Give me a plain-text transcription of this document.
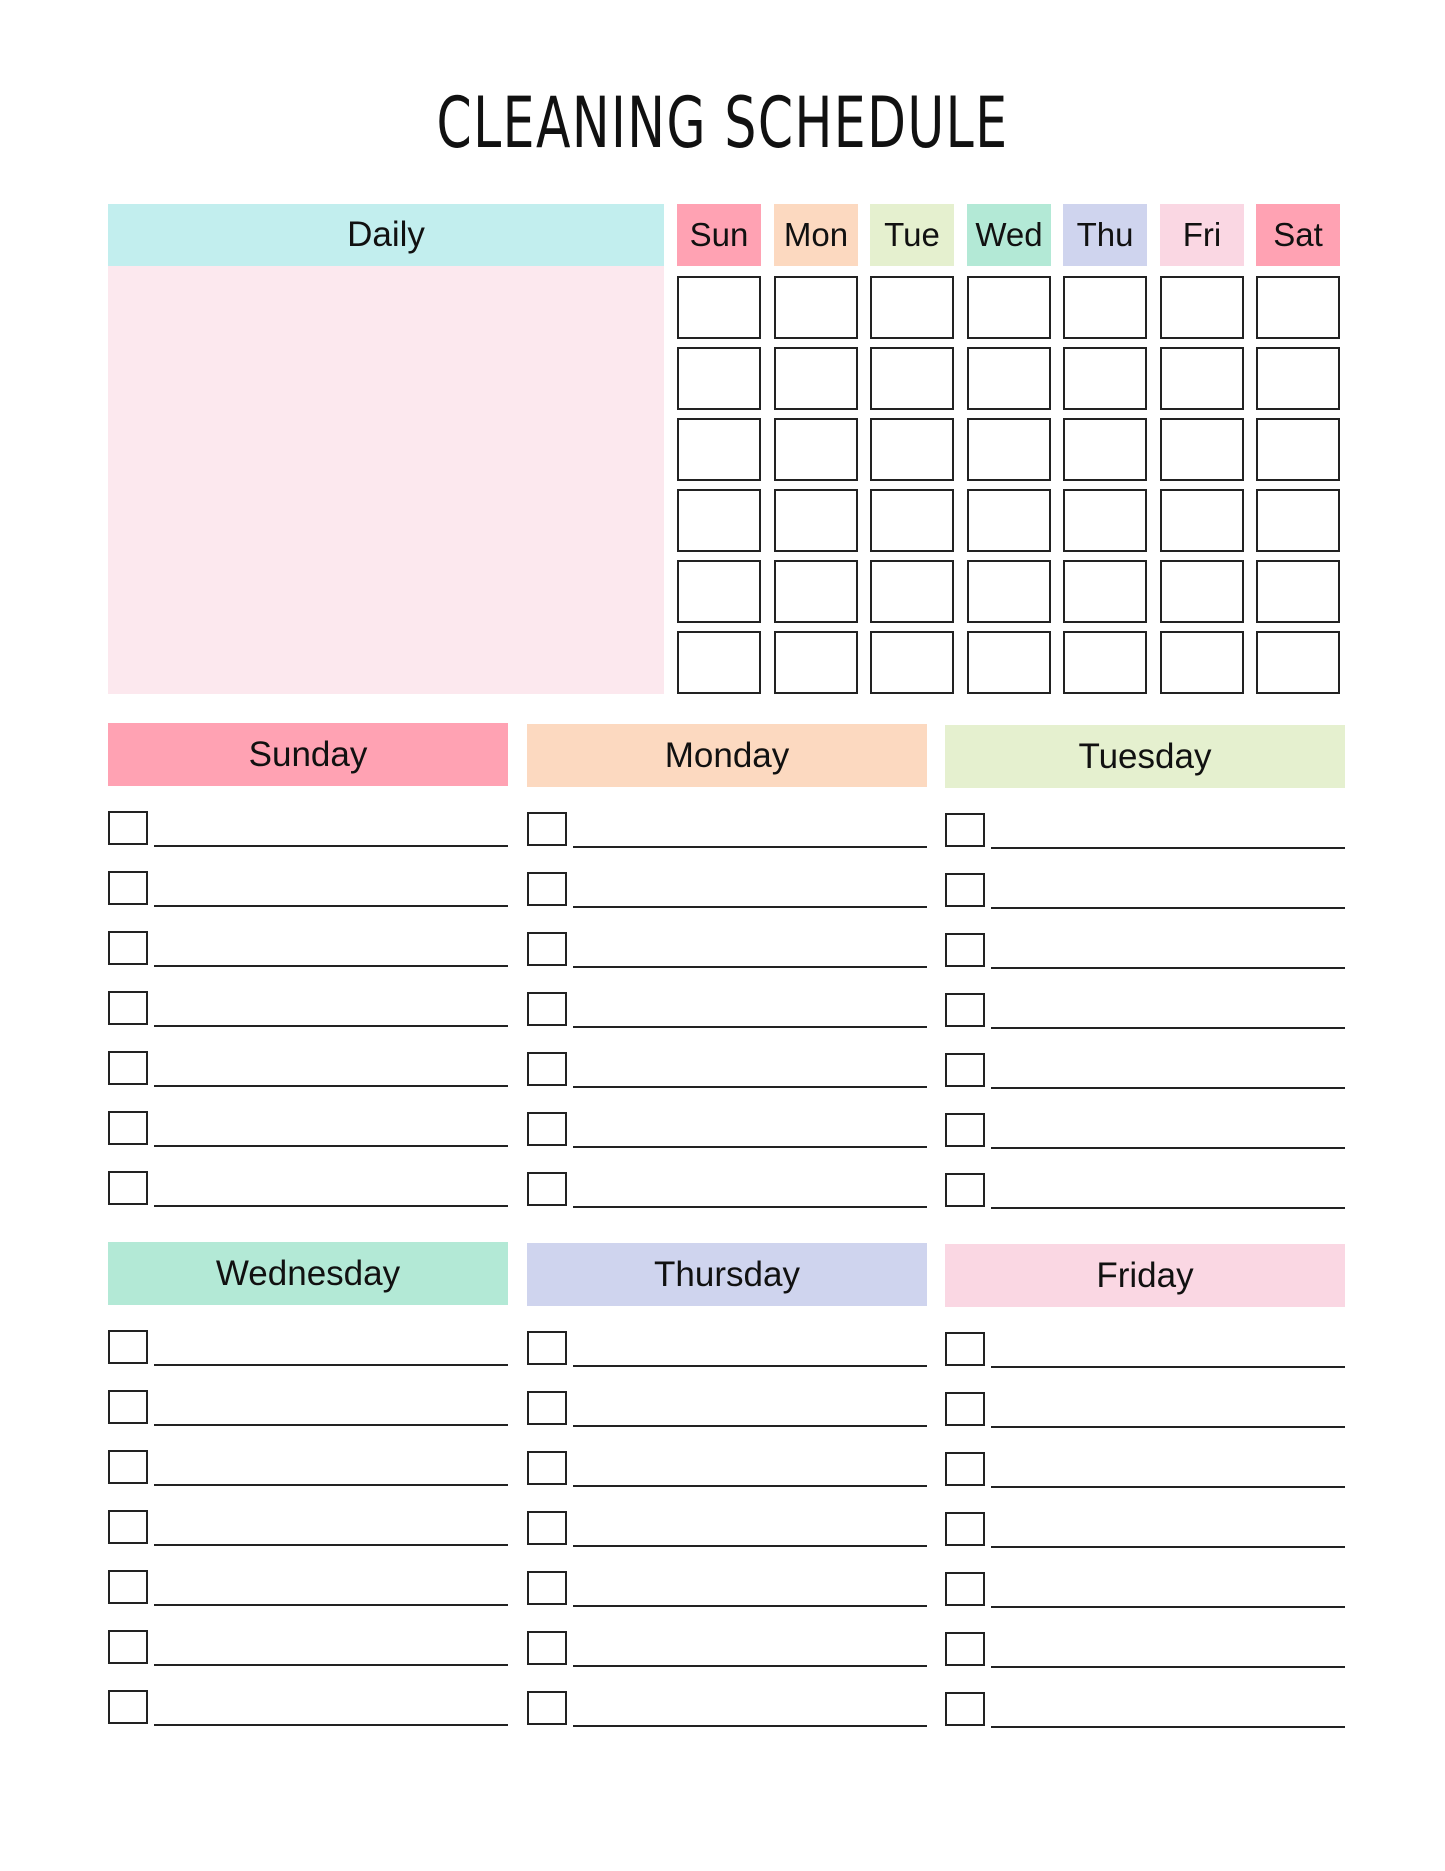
CLEANING SCHEDULE
Daily	Sun Mon Tue Wed Thu Fri Sat
Sunday	Monday	Tuesday
Wednesday	Thursday	Friday
